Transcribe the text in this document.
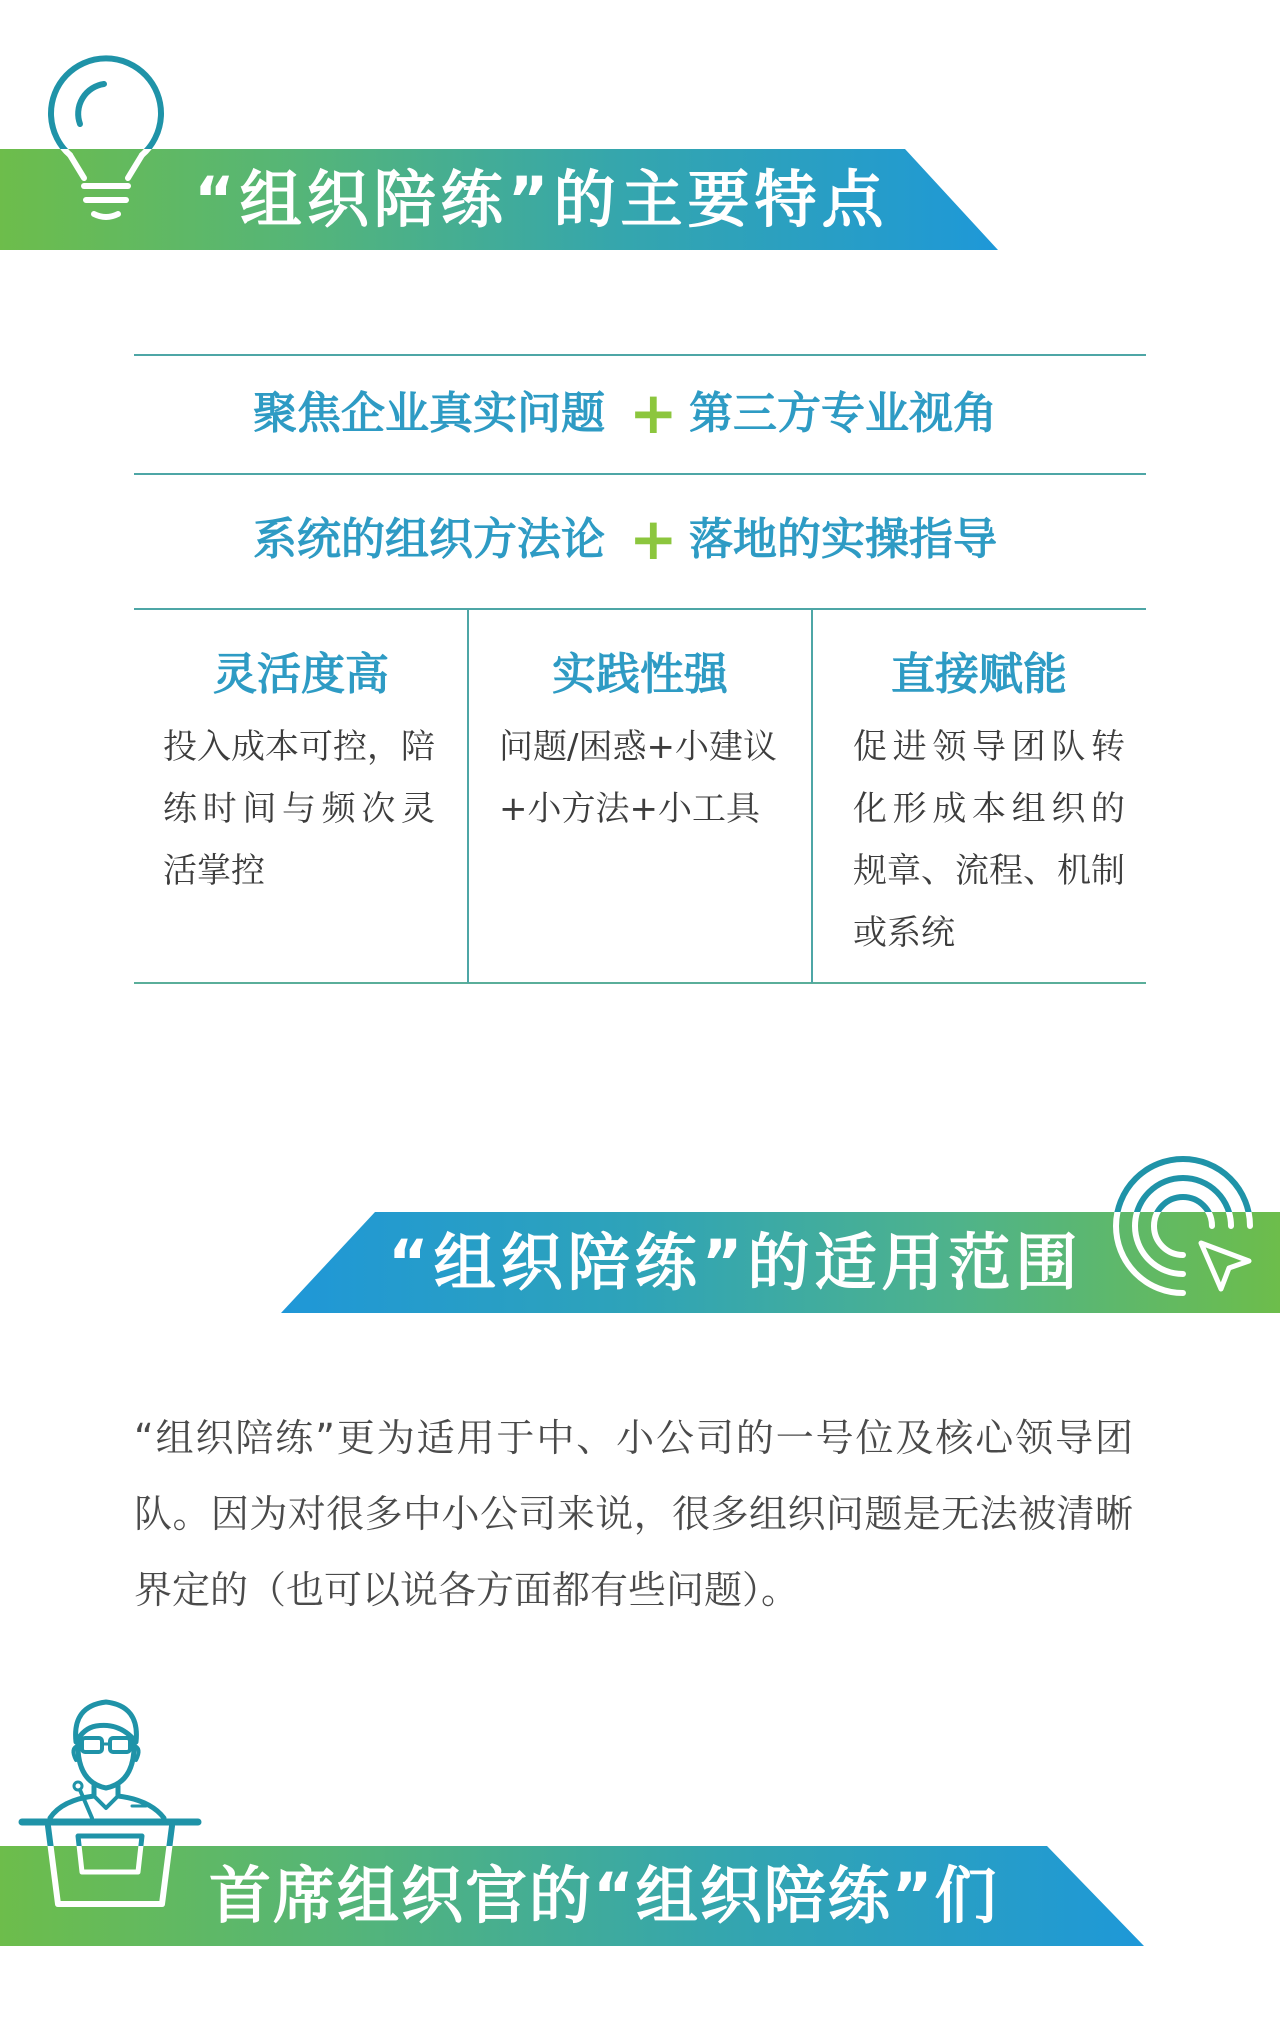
“组织陪练”的主要特点
聚焦企业真实问题 + 第三方专业视角
系统的组织方法论 + 落地的实操指导
灵活度高
投入成本可控，陪
练时间与频次灵
活掌控
实践性强
问题/困惑+小建议
+小方法+小工具
直接赋能
促进领导团队转
化形成本组织的
规章、流程、机制
或系统
“组织陪练”的适用范围
“组织陪练”更为适用于中、小公司的一号位及核心领导团
队。因为对很多中小公司来说，很多组织问题是无法被清晰
界定的（也可以说各方面都有些问题）。
首席组织官的“组织陪练”们
